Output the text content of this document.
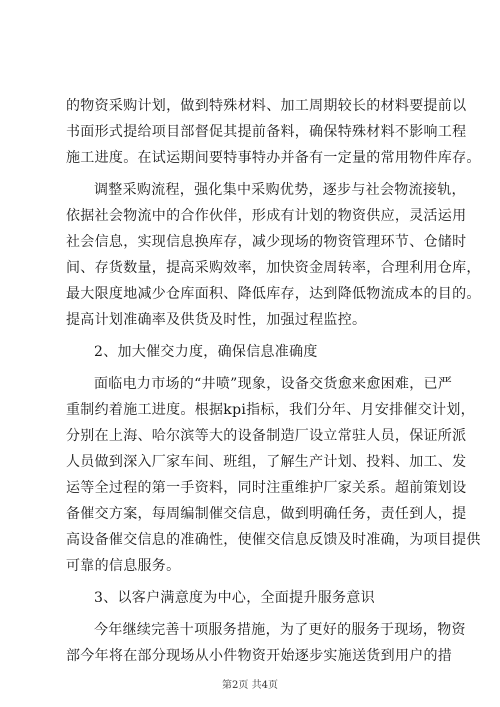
的物资采购计划，做到特殊材料、加工周期较长的材料要提前以
书面形式提给项目部督促其提前备料，确保特殊材料不影响工程
施工进度。在试运期间要特事特办并备有一定量的常用物件库存。
调整采购流程，强化集中采购优势，逐步与社会物流接轨，
依据社会物流中的合作伙伴，形成有计划的物资供应，灵活运用
社会信息，实现信息换库存，减少现场的物资管理环节、仓储时
间、存货数量，提高采购效率，加快资金周转率，合理利用仓库，
最大限度地减少仓库面积、降低库存，达到降低物流成本的目的。
提高计划准确率及供货及时性，加强过程监控。
2、加大催交力度，确保信息准确度
面临电力市场的“井喷”现象，设备交货愈来愈困难，已严
重制约着施工进度。根据kpi指标，我们分年、月安排催交计划，
分别在上海、哈尔滨等大的设备制造厂设立常驻人员，保证所派
人员做到深入厂家车间、班组，了解生产计划、投料、加工、发
运等全过程的第一手资料，同时注重维护厂家关系。超前策划设
备催交方案，每周编制催交信息，做到明确任务，责任到人，提
高设备催交信息的准确性，使催交信息反馈及时准确，为项目提供
可靠的信息服务。
3、以客户满意度为中心，全面提升服务意识
今年继续完善十项服务措施，为了更好的服务于现场，物资
部今年将在部分现场从小件物资开始逐步实施送货到用户的措
第2页 共4页
